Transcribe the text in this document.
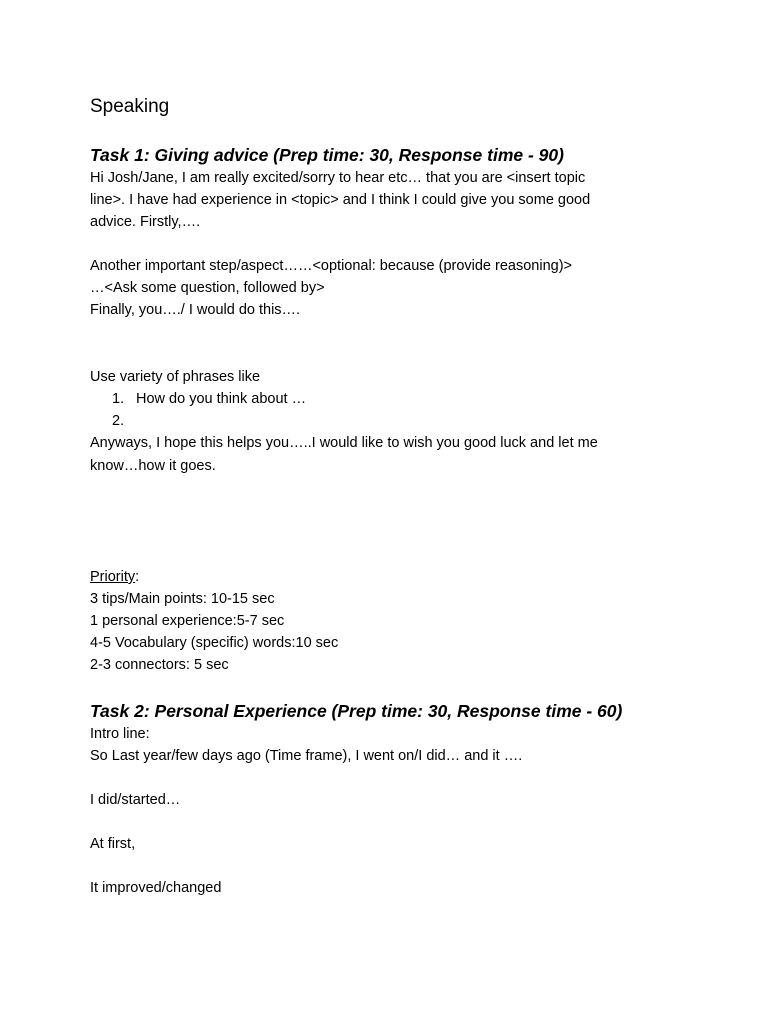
Speaking
Task 1: Giving advice (Prep time: 30, Response time - 90)
Hi Josh/Jane, I am really excited/sorry to hear etc… that you are <insert topic
line>. I have had experience in <topic> and I think I could give you some good
advice. Firstly,….
Another important step/aspect……<optional: because (provide reasoning)>
…<Ask some question, followed by>
Finally, you…./ I would do this….
Use variety of phrases like
1. How do you think about …
2.
Anyways, I hope this helps you…..I would like to wish you good luck and let me
know…how it goes.
Priority:
3 tips/Main points: 10-15 sec
1 personal experience:5-7 sec
4-5 Vocabulary (specific) words:10 sec
2-3 connectors: 5 sec
Task 2: Personal Experience (Prep time: 30, Response time - 60)
Intro line:
So Last year/few days ago (Time frame), I went on/I did… and it ….
I did/started…
At first,
It improved/changed
